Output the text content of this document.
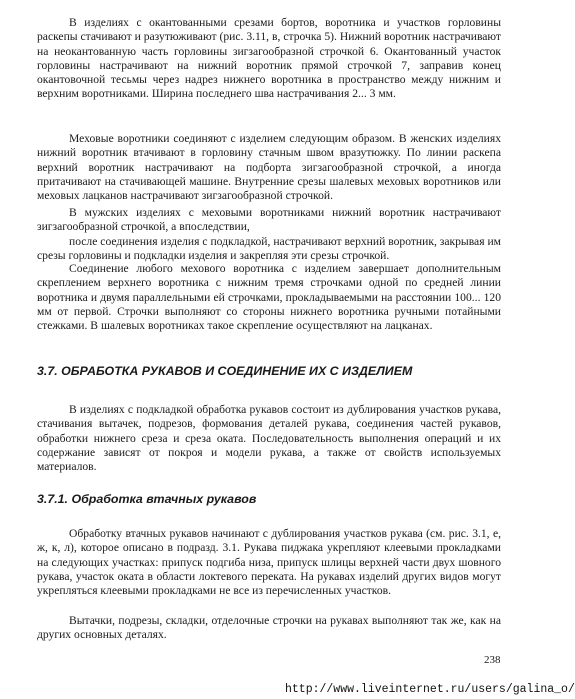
В изделиях с окантованными срезами бортов, воротника и участков горловины раскепы стачивают и разутюживают (рис. 3.11, в, строчка 5). Нижний воротник настрачивают на неокантованную часть горловины зигзагообразной строчкой 6. Окантованный участок горловины настрачивают на нижний воротник прямой строчкой 7, заправив конец окантовочной тесьмы через надрез нижнего воротника в пространство между нижним и верхним воротниками. Ширина последнего шва настрачивания 2... 3 мм.

Меховые воротники соединяют с изделием следующим образом. В женских изделиях нижний воротник втачивают в горловину стачным швом вразутюжку. По линии раскепа верхний воротник настрачивают на подборта зигзагообразной строчкой, а иногда притачивают на стачивающей машине. Внутренние срезы шалевых меховых воротников или меховых лацканов настрачивают зигзагообразной строчкой.

В мужских изделиях с меховыми воротниками нижний воротник настрачивают зигзагообразной строчкой, а впоследствии,

после соединения изделия с подкладкой, настрачивают верхний воротник, закрывая им срезы горловины и подкладки изделия и закрепляя эти срезы строчкой.

Соединение любого мехового воротника с изделием завершает дополнительным скреплением верхнего воротника с нижним тремя строчками одной по средней линии воротника и двумя параллельными ей строчками, прокладываемыми на расстоянии 100... 120 мм от первой. Строчки выполняют со стороны нижнего воротника ручными потайными стежками. В шалевых воротниках такое скрепление осуществляют на лацканах.

3.7. ОБРАБОТКА РУКАВОВ И СОЕДИНЕНИЕ ИХ С ИЗДЕЛИЕМ

В изделиях с подкладкой обработка рукавов состоит из дублирования участков рукава, стачивания вытачек, подрезов, формования деталей рукава, соединения частей рукавов, обработки нижнего среза и среза оката. Последовательность выполнения операций и их содержание зависят от покроя и модели рукава, а также от свойств используемых материалов.

3.7.1. Обработка втачных рукавов

Обработку втачных рукавов начинают с дублирования участков рукава (см. рис. 3.1, е, ж, к, л), которое описано в подразд. 3.1. Рукава пиджака укрепляют клеевыми прокладками на следующих участках: припуск подгиба низа, припуск шлицы верхней части двух шовного рукава, участок оката в области локтевого переката. На рукавах изделий других видов могут укрепляться клеевыми прокладками не все из перечисленных участков.

Вытачки, подрезы, складки, отделочные строчки на рукавах выполняют так же, как на других основных деталях.

238
http://www.liveinternet.ru/users/galina_o/
